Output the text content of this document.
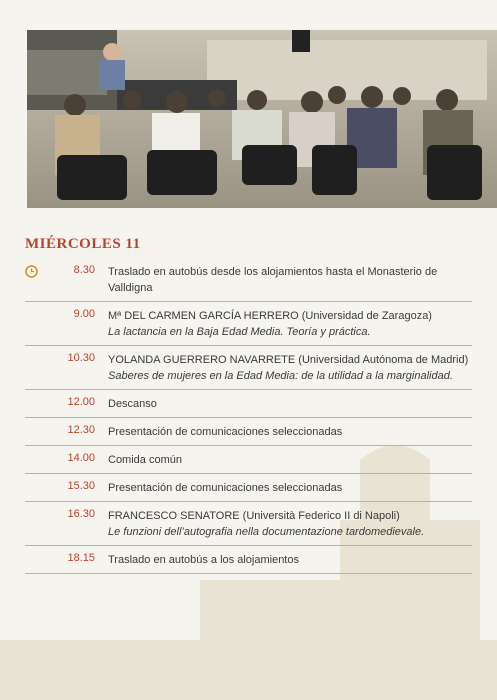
MIÉRCOLES 11
8.30 Traslado en autobús desde los alojamientos hasta el Monasterio de Valldigna
9.00 Mª DEL CARMEN GARCÍA HERRERO (Universidad de Zaragoza)
La lactancia en la Baja Edad Media. Teoría y práctica.
10.30 YOLANDA GUERRERO NAVARRETE (Universidad Autónoma de Madrid)
Saberes de mujeres en la Edad Media: de la utilidad a la marginalidad.
12.00 Descanso
12.30 Presentación de comunicaciones seleccionadas
14.00 Comida común
15.30 Presentación de comunicaciones seleccionadas
16.30 FRANCESCO SENATORE (Università Federico II di Napoli)
Le funzioni dell’autografia nella documentazione tardomedievale.
18.15 Traslado en autobús a los alojamientos
